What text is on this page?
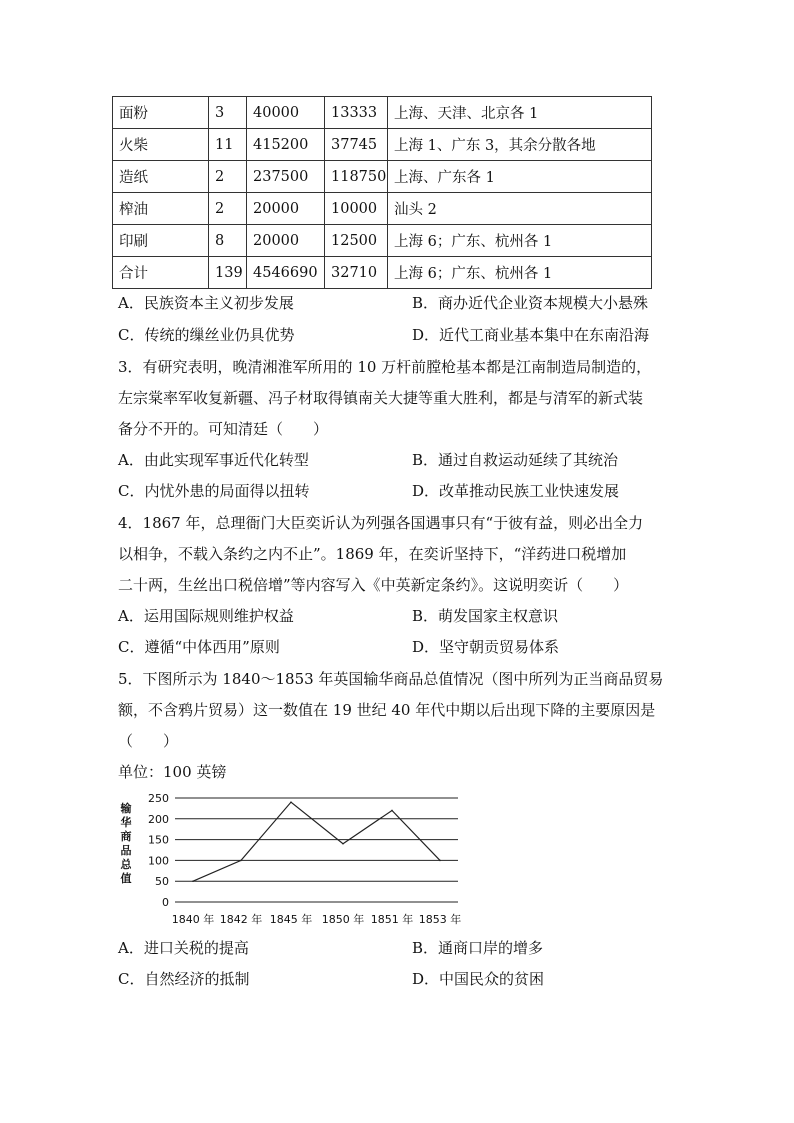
面粉	3	40000	13333	上海、天津、北京各 1
火柴	11	415200	37745	上海 1、广东 3，其余分散各地
造纸	2	237500	118750	上海、广东各 1
榨油	2	20000	10000	汕头 2
印刷	8	20000	12500	上海 6；广东、杭州各 1
合计	139	4546690	32710	上海 6；广东、杭州各 1
A．民族资本主义初步发展	B．商办近代企业资本规模大小悬殊
C．传统的缫丝业仍具优势	D．近代工商业基本集中在东南沿海
3．有研究表明，晚清湘淮军所用的 10 万杆前膛枪基本都是江南制造局制造的，
左宗棠率军收复新疆、冯子材取得镇南关大捷等重大胜利，都是与清军的新式装
备分不开的。可知清廷（　　）
A．由此实现军事近代化转型	B．通过自救运动延续了其统治
C．内忧外患的局面得以扭转	D．改革推动民族工业快速发展
4．1867 年，总理衙门大臣奕䜣认为列强各国遇事只有“于彼有益，则必出全力
以相争，不载入条约之内不止”。1869 年，在奕䜣坚持下，“洋药进口税增加
二十两，生丝出口税倍增”等内容写入《中英新定条约》。这说明奕䜣（　　）
A．运用国际规则维护权益	B．萌发国家主权意识
C．遵循“中体西用”原则	D．坚守朝贡贸易体系
5．下图所示为 1840～1853 年英国输华商品总值情况（图中所列为正当商品贸易
额，不含鸦片贸易）这一数值在 19 世纪 40 年代中期以后出现下降的主要原因是
（　　）
单位：100 英镑
0
50
100
150
200
250
输
华
商
品
总
值
1840 年 1842 年 1845 年 1850 年 1851 年 1853 年
A．进口关税的提高	B．通商口岸的增多
C．自然经济的抵制	D．中国民众的贫困
